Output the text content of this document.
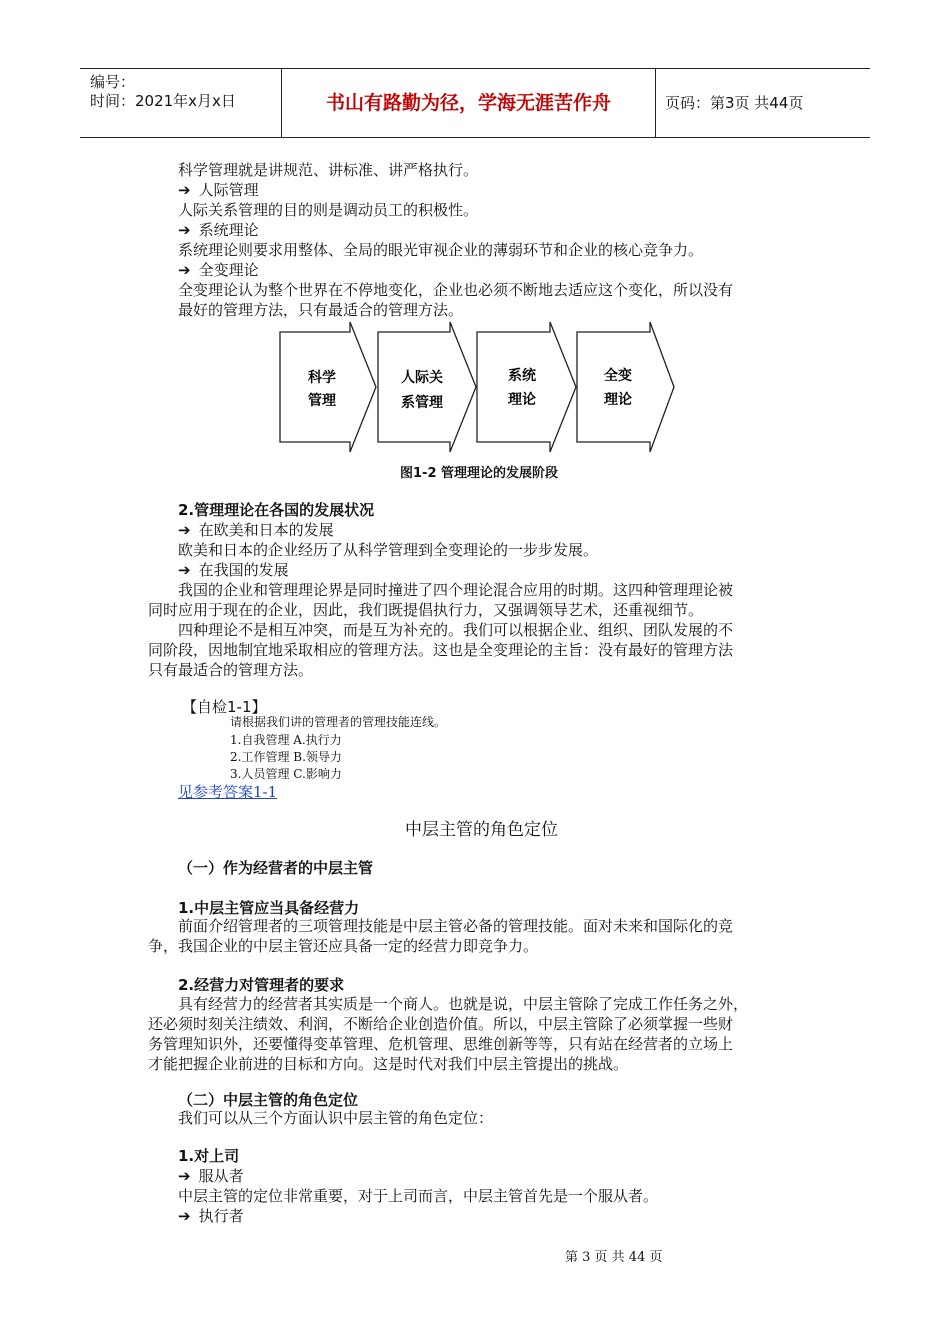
编号：
时间：2021年x月x日	书山有路勤为径，学海无涯苦作舟	页码：第3页 共44页
科学管理就是讲规范、讲标准、讲严格执行。
➔ 人际管理
人际关系管理的目的则是调动员工的积极性。
➔ 系统理论
系统理论则要求用整体、全局的眼光审视企业的薄弱环节和企业的核心竞争力。
➔ 全变理论
全变理论认为整个世界在不停地变化，企业也必须不断地去适应这个变化，所以没有
最好的管理方法，只有最适合的管理方法。
科学
管理
人际关
系管理
系统
理论
全变
理论
图1-2 管理理论的发展阶段
2.管理理论在各国的发展状况
➔ 在欧美和日本的发展
欧美和日本的企业经历了从科学管理到全变理论的一步步发展。
➔ 在我国的发展
我国的企业和管理理论界是同时撞进了四个理论混合应用的时期。这四种管理理论被
同时应用于现在的企业，因此，我们既提倡执行力，又强调领导艺术，还重视细节。
四种理论不是相互冲突，而是互为补充的。我们可以根据企业、组织、团队发展的不
同阶段，因地制宜地采取相应的管理方法。这也是全变理论的主旨：没有最好的管理方法
只有最适合的管理方法。
【自检1-1】
请根据我们讲的管理者的管理技能连线。
1.自我管理 A.执行力
2.工作管理 B.领导力
3.人员管理 C.影响力
见参考答案1-1
中层主管的角色定位
（一）作为经营者的中层主管
1.中层主管应当具备经营力
前面介绍管理者的三项管理技能是中层主管必备的管理技能。面对未来和国际化的竞
争，我国企业的中层主管还应具备一定的经营力即竞争力。
2.经营力对管理者的要求
具有经营力的经营者其实质是一个商人。也就是说，中层主管除了完成工作任务之外，
还必须时刻关注绩效、利润，不断给企业创造价值。所以，中层主管除了必须掌握一些财
务管理知识外，还要懂得变革管理、危机管理、思维创新等等，只有站在经营者的立场上
才能把握企业前进的目标和方向。这是时代对我们中层主管提出的挑战。
（二）中层主管的角色定位
我们可以从三个方面认识中层主管的角色定位：
1.对上司
➔ 服从者
中层主管的定位非常重要，对于上司而言，中层主管首先是一个服从者。
➔ 执行者
第 3 页 共 44 页
